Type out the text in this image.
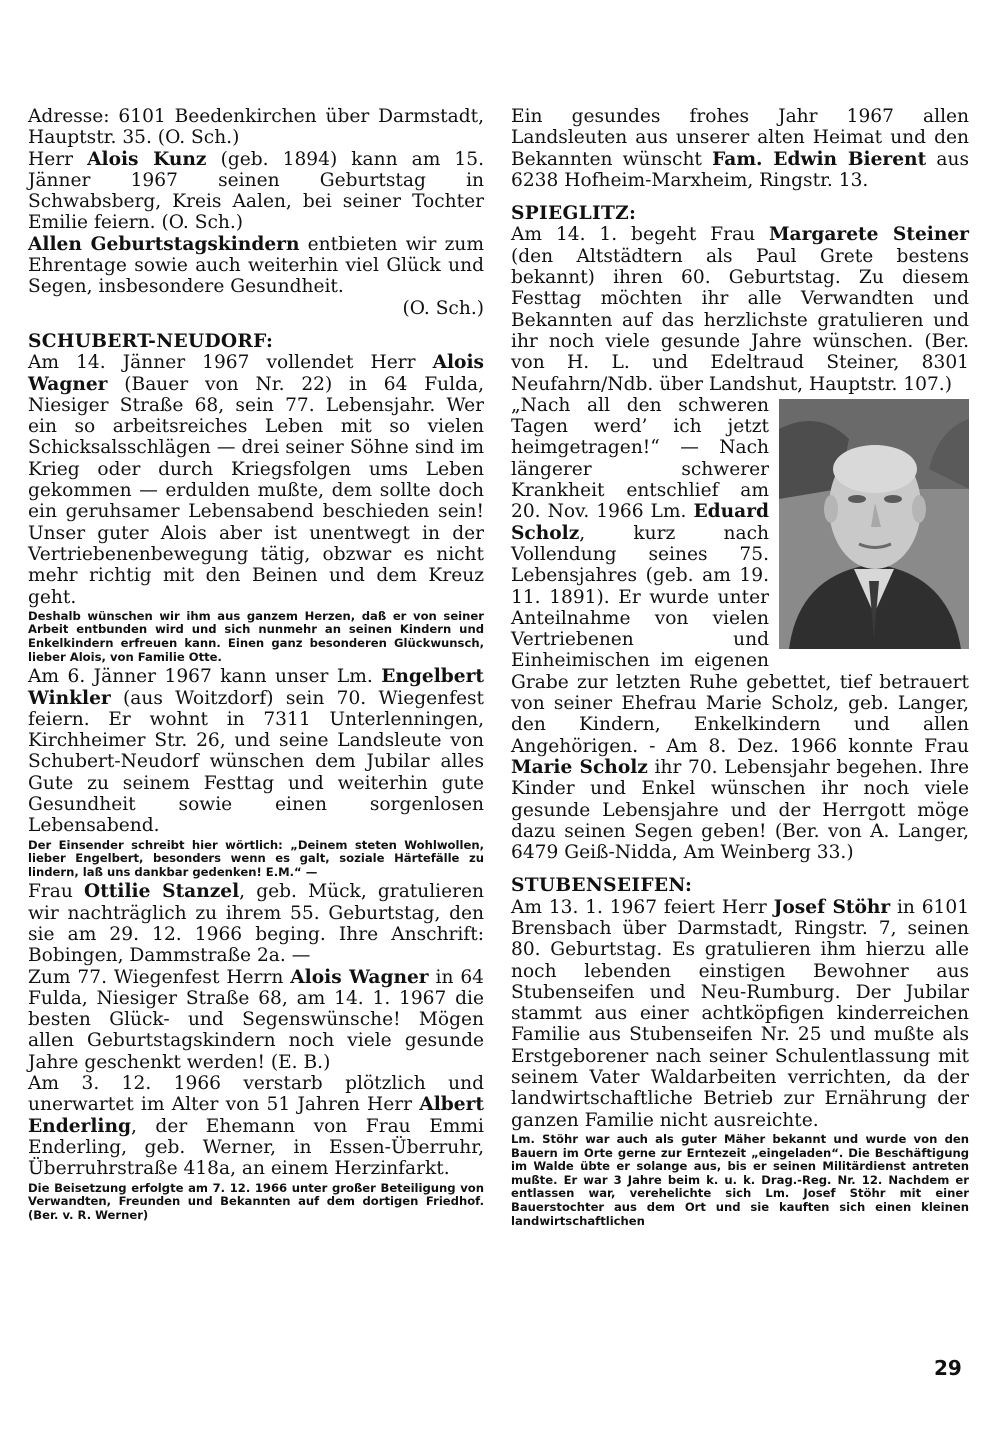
Adresse: 6101 Beedenkirchen über Darmstadt, Hauptstr. 35. (O. Sch.)

Herr Alois Kunz (geb. 1894) kann am 15. Jänner 1967 seinen Geburtstag in Schwabsberg, Kreis Aalen, bei seiner Tochter Emilie feiern. (O. Sch.)

Allen Geburtstagskindern entbieten wir zum Ehrentage sowie auch weiterhin viel Glück und Segen, insbesondere Gesundheit.

(O. Sch.)

SCHUBERT-NEUDORF:

Am 14. Jänner 1967 vollendet Herr Alois Wagner (Bauer von Nr. 22) in 64 Fulda, Niesiger Straße 68, sein 77. Lebensjahr. Wer ein so arbeitsreiches Leben mit so vielen Schicksalsschlägen — drei seiner Söhne sind im Krieg oder durch Kriegsfolgen ums Leben gekommen — erdulden mußte, dem sollte doch ein geruhsamer Lebensabend beschieden sein! Unser guter Alois aber ist unentwegt in der Vertriebenenbewegung tätig, obzwar es nicht mehr richtig mit den Beinen und dem Kreuz geht.

Deshalb wünschen wir ihm aus ganzem Herzen, daß er von seiner Arbeit entbunden wird und sich nunmehr an seinen Kindern und Enkelkindern erfreuen kann. Einen ganz besonderen Glückwunsch, lieber Alois, von Familie Otte.

Am 6. Jänner 1967 kann unser Lm. Engelbert Winkler (aus Woitzdorf) sein 70. Wiegenfest feiern. Er wohnt in 7311 Unterlenningen, Kirchheimer Str. 26, und seine Landsleute von Schubert-Neudorf wünschen dem Jubilar alles Gute zu seinem Festtag und weiterhin gute Gesundheit sowie einen sorgenlosen Lebensabend.

Der Einsender schreibt hier wörtlich: „Deinem steten Wohlwollen, lieber Engelbert, besonders wenn es galt, soziale Härtefälle zu lindern, laß uns dankbar gedenken! E.M.“ —

Frau Ottilie Stanzel, geb. Mück, gratulieren wir nachträglich zu ihrem 55. Geburtstag, den sie am 29. 12. 1966 beging. Ihre Anschrift: Bobingen, Dammstraße 2a. —

Zum 77. Wiegenfest Herrn Alois Wagner in 64 Fulda, Niesiger Straße 68, am 14. 1. 1967 die besten Glück- und Segenswünsche! Mögen allen Geburtstagskindern noch viele gesunde Jahre geschenkt werden! (E. B.)

Am 3. 12. 1966 verstarb plötzlich und unerwartet im Alter von 51 Jahren Herr Albert Enderling, der Ehemann von Frau Emmi Enderling, geb. Werner, in Essen-Überruhr, Überruhrstraße 418a, an einem Herzinfarkt.

Die Beisetzung erfolgte am 7. 12. 1966 unter großer Beteiligung von Verwandten, Freunden und Bekannten auf dem dortigen Friedhof. (Ber. v. R. Werner)

Ein gesundes frohes Jahr 1967 allen Landsleuten aus unserer alten Heimat und den Bekannten wünscht Fam. Edwin Bierent aus 6238 Hofheim-Marxheim, Ringstr. 13.

SPIEGLITZ:

Am 14. 1. begeht Frau Margarete Steiner (den Altstädtern als Paul Grete bestens bekannt) ihren 60. Geburtstag. Zu diesem Festtag möchten ihr alle Verwandten und Bekannten auf das herzlichste gratulieren und ihr noch viele gesunde Jahre wünschen. (Ber. von H. L. und Edeltraud Steiner, 8301 Neufahrn/Ndb. über Landshut, Hauptstr. 107.)

„Nach all den schweren Tagen werd’ ich jetzt heimgetragen!“ — Nach längerer schwerer Krankheit entschlief am 20. Nov. 1966 Lm. Eduard Scholz, kurz nach Vollendung seines 75. Lebensjahres (geb. am 19. 11. 1891). Er wurde unter Anteilnahme von vielen Vertriebenen und Einheimischen im eigenen Grabe zur letzten Ruhe gebettet, tief betrauert von seiner Ehefrau Marie Scholz, geb. Langer, den Kindern, Enkelkindern und allen Angehörigen. - Am 8. Dez. 1966 konnte Frau Marie Scholz ihr 70. Lebensjahr begehen. Ihre Kinder und Enkel wünschen ihr noch viele gesunde Lebensjahre und der Herrgott möge dazu seinen Segen geben! (Ber. von A. Langer, 6479 Geiß-Nidda, Am Weinberg 33.)

STUBENSEIFEN:

Am 13. 1. 1967 feiert Herr Josef Stöhr in 6101 Brensbach über Darmstadt, Ringstr. 7, seinen 80. Geburtstag. Es gratulieren ihm hierzu alle noch lebenden einstigen Bewohner aus Stubenseifen und Neu-Rumburg. Der Jubilar stammt aus einer achtköpfigen kinderreichen Familie aus Stubenseifen Nr. 25 und mußte als Erstgeborener nach seiner Schulentlassung mit seinem Vater Waldarbeiten verrichten, da der landwirtschaftliche Betrieb zur Ernährung der ganzen Familie nicht ausreichte.

Lm. Stöhr war auch als guter Mäher bekannt und wurde von den Bauern im Orte gerne zur Erntezeit „eingeladen“. Die Beschäftigung im Walde übte er solange aus, bis er seinen Militärdienst antreten mußte. Er war 3 Jahre beim k. u. k. Drag.-Reg. Nr. 12. Nachdem er entlassen war, verehelichte sich Lm. Josef Stöhr mit einer Bauerstochter aus dem Ort und sie kauften sich einen kleinen landwirtschaftlichen

29
